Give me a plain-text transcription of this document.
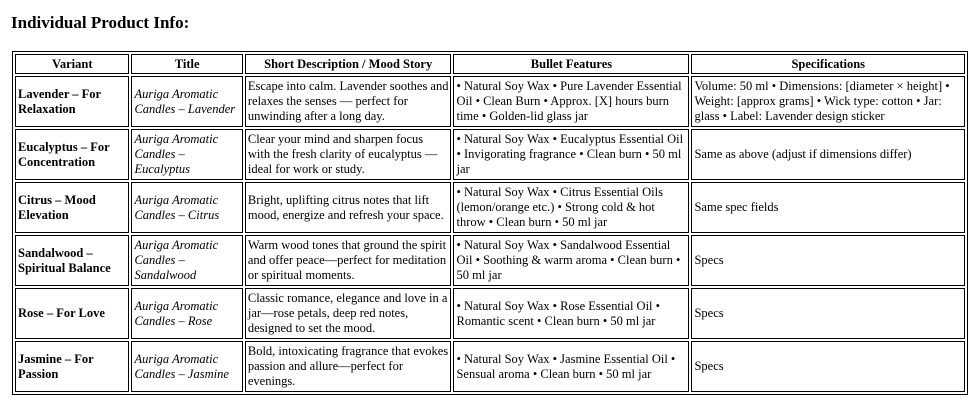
Individual Product Info:
Variant	Title	Short Description / Mood Story	Bullet Features	Specifications
Lavender – For Relaxation	Auriga Aromatic Candles – Lavender	Escape into calm. Lavender soothes and relaxes the senses — perfect for unwinding after a long day.	• Natural Soy Wax • Pure Lavender Essential Oil • Clean Burn • Approx. [X] hours burn time • Golden-lid glass jar	Volume: 50 ml • Dimensions: [diameter × height] • Weight: [approx grams] • Wick type: cotton • Jar: glass • Label: Lavender design sticker
Eucalyptus – For Concentration	Auriga Aromatic Candles – Eucalyptus	Clear your mind and sharpen focus with the fresh clarity of eucalyptus — ideal for work or study.	• Natural Soy Wax • Eucalyptus Essential Oil • Invigorating fragrance • Clean burn • 50 ml jar	Same as above (adjust if dimensions differ)
Citrus – Mood Elevation	Auriga Aromatic Candles – Citrus	Bright, uplifting citrus notes that lift mood, energize and refresh your space.	• Natural Soy Wax • Citrus Essential Oils (lemon/orange etc.) • Strong cold & hot throw • Clean burn • 50 ml jar	Same spec fields
Sandalwood – Spiritual Balance	Auriga Aromatic Candles – Sandalwood	Warm wood tones that ground the spirit and offer peace—perfect for meditation or spiritual moments.	• Natural Soy Wax • Sandalwood Essential Oil • Soothing & warm aroma • Clean burn • 50 ml jar	Specs
Rose – For Love	Auriga Aromatic Candles – Rose	Classic romance, elegance and love in a jar—rose petals, deep red notes, designed to set the mood.	• Natural Soy Wax • Rose Essential Oil • Romantic scent • Clean burn • 50 ml jar	Specs
Jasmine – For Passion	Auriga Aromatic Candles – Jasmine	Bold, intoxicating fragrance that evokes passion and allure—perfect for evenings.	• Natural Soy Wax • Jasmine Essential Oil • Sensual aroma • Clean burn • 50 ml jar	Specs
